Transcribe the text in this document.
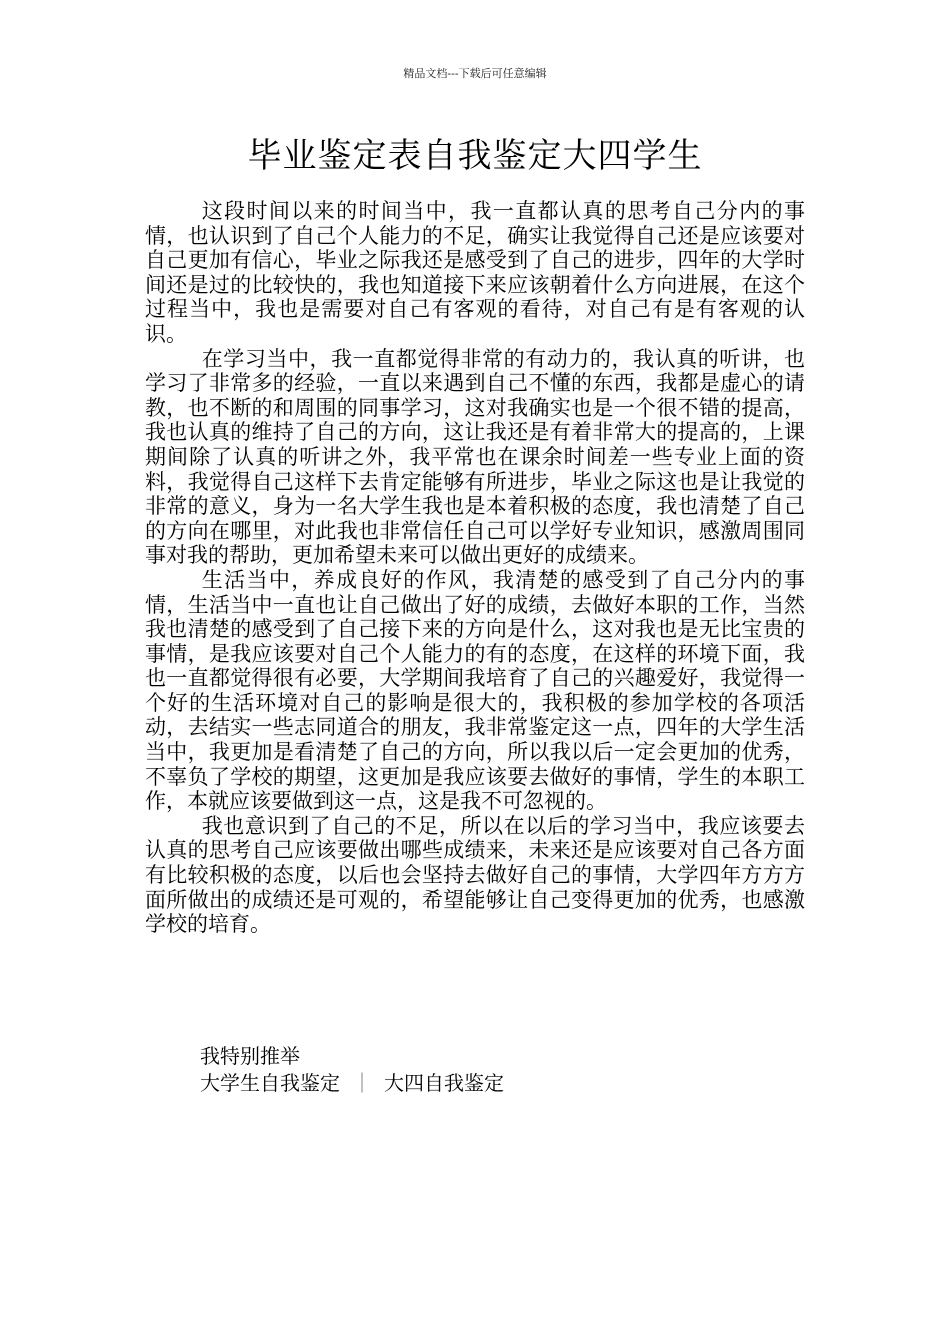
精品文档---下载后可任意编辑
毕业鉴定表自我鉴定大四学生

这段时间以来的时间当中，我一直都认真的思考自己分内的事情，也认识到了自己个人能力的不足，确实让我觉得自己还是应该要对自己更加有信心，毕业之际我还是感受到了自己的进步，四年的大学时间还是过的比较快的，我也知道接下来应该朝着什么方向进展，在这个过程当中，我也是需要对自己有客观的看待，对自己有是有客观的认识。

在学习当中，我一直都觉得非常的有动力的，我认真的听讲，也学习了非常多的经验，一直以来遇到自己不懂的东西，我都是虚心的请教，也不断的和周围的同事学习，这对我确实也是一个很不错的提高，我也认真的维持了自己的方向，这让我还是有着非常大的提高的，上课期间除了认真的听讲之外，我平常也在课余时间差一些专业上面的资料，我觉得自己这样下去肯定能够有所进步，毕业之际这也是让我觉的非常的意义，身为一名大学生我也是本着积极的态度，我也清楚了自己的方向在哪里，对此我也非常信任自己可以学好专业知识，感激周围同事对我的帮助，更加希望未来可以做出更好的成绩来。

生活当中，养成良好的作风，我清楚的感受到了自己分内的事情，生活当中一直也让自己做出了好的成绩，去做好本职的工作，当然我也清楚的感受到了自己接下来的方向是什么，这对我也是无比宝贵的事情，是我应该要对自己个人能力的有的态度，在这样的环境下面，我也一直都觉得很有必要，大学期间我培育了自己的兴趣爱好，我觉得一个好的生活环境对自己的影响是很大的，我积极的参加学校的各项活动，去结实一些志同道合的朋友，我非常鉴定这一点，四年的大学生活当中，我更加是看清楚了自己的方向，所以我以后一定会更加的优秀，不辜负了学校的期望，这更加是我应该要去做好的事情，学生的本职工作，本就应该要做到这一点，这是我不可忽视的。

我也意识到了自己的不足，所以在以后的学习当中，我应该要去认真的思考自己应该要做出哪些成绩来，未来还是应该要对自己各方面有比较积极的态度，以后也会坚持去做好自己的事情，大学四年方方方面所做出的成绩还是可观的，希望能够让自己变得更加的优秀，也感激学校的培育。

我特别推举
大学生自我鉴定 ｜ 大四自我鉴定
